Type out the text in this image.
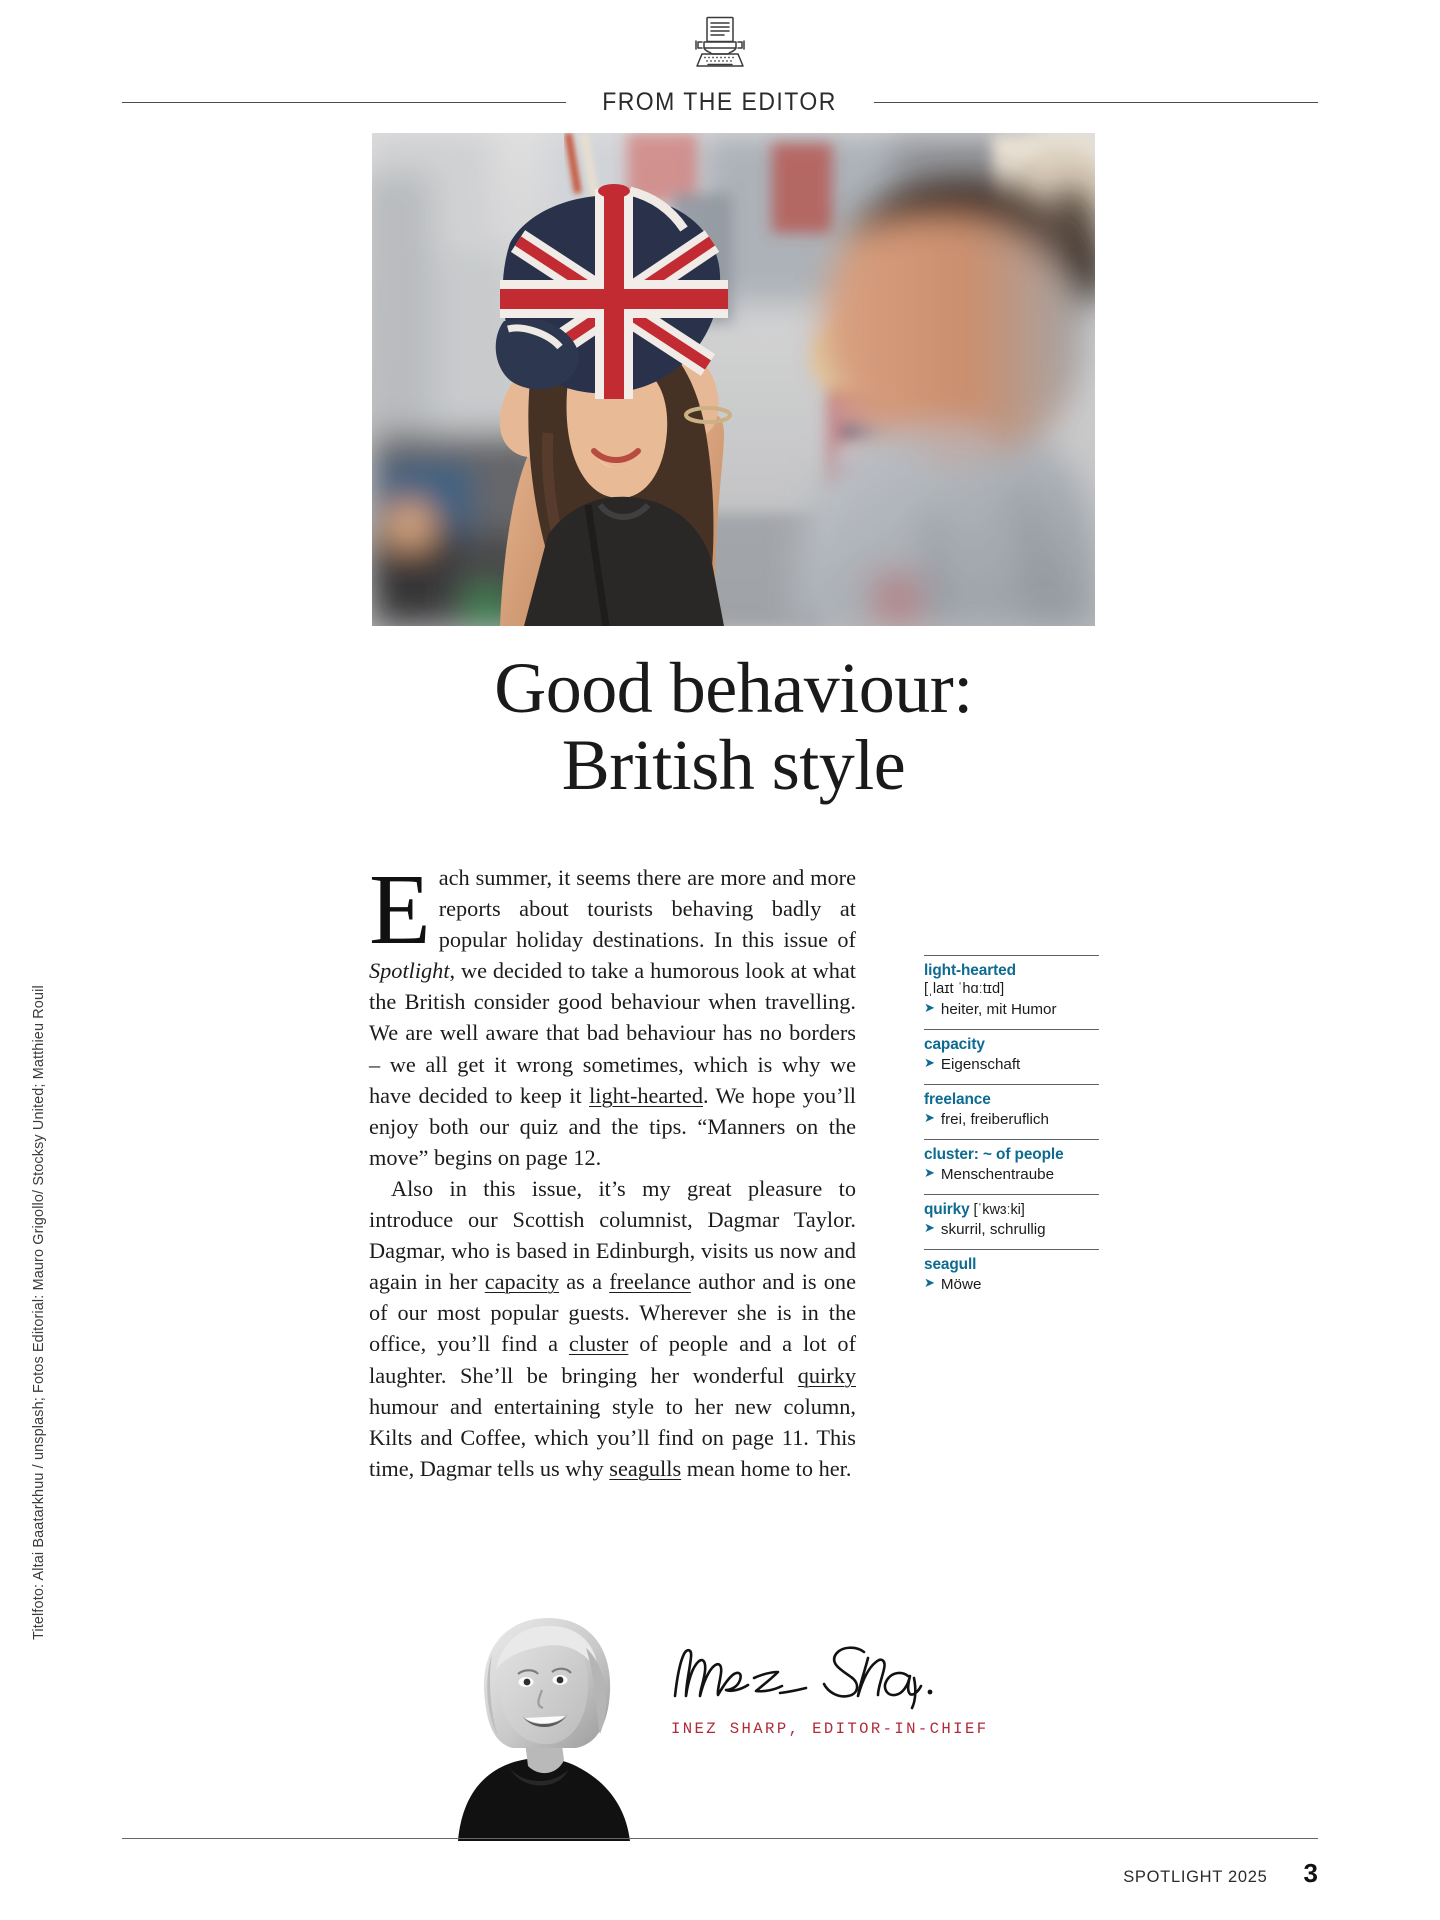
FROM THE EDITOR
Good behaviour:
British style

Each summer, it seems there are more and more reports about tourists behaving badly at popular holiday destinations. In this issue of Spotlight, we decided to take a humorous look at what the British consider good behaviour when travelling. We are well aware that bad behaviour has no borders – we all get it wrong sometimes, which is why we have decided to keep it light-hearted. We hope you’ll enjoy both our quiz and the tips. “Manners on the move” begins on page 12.

Also in this issue, it’s my great pleasure to introduce our Scottish columnist, Dagmar Taylor. Dagmar, who is based in Edinburgh, visits us now and again in her capacity as a freelance author and is one of our most popular guests. Wherever she is in the office, you’ll find a cluster of people and a lot of laughter. She’ll be bringing her wonderful quirky humour and entertaining style to her new column, Kilts and Coffee, which you’ll find on page 11. This time, Dagmar tells us why seagulls mean home to her.

light-hearted
[ˌlaɪt ˈhɑːtɪd]
➤ heiter, mit Humor
capacity
➤ Eigenschaft
freelance
➤ frei, freiberuflich
cluster: ~ of people
➤ Menschentraube
quirky [ˈkwɜːki]
➤ skurril, schrullig
seagull
➤ Möwe
Titelfoto: Altai Baatarkhuu / unsplash; Fotos Editorial: Mauro Grigollo/ Stocksy United; Matthieu Rouil
INEZ SHARP, EDITOR-IN-CHIEF
SPOTLIGHT 2025 3
